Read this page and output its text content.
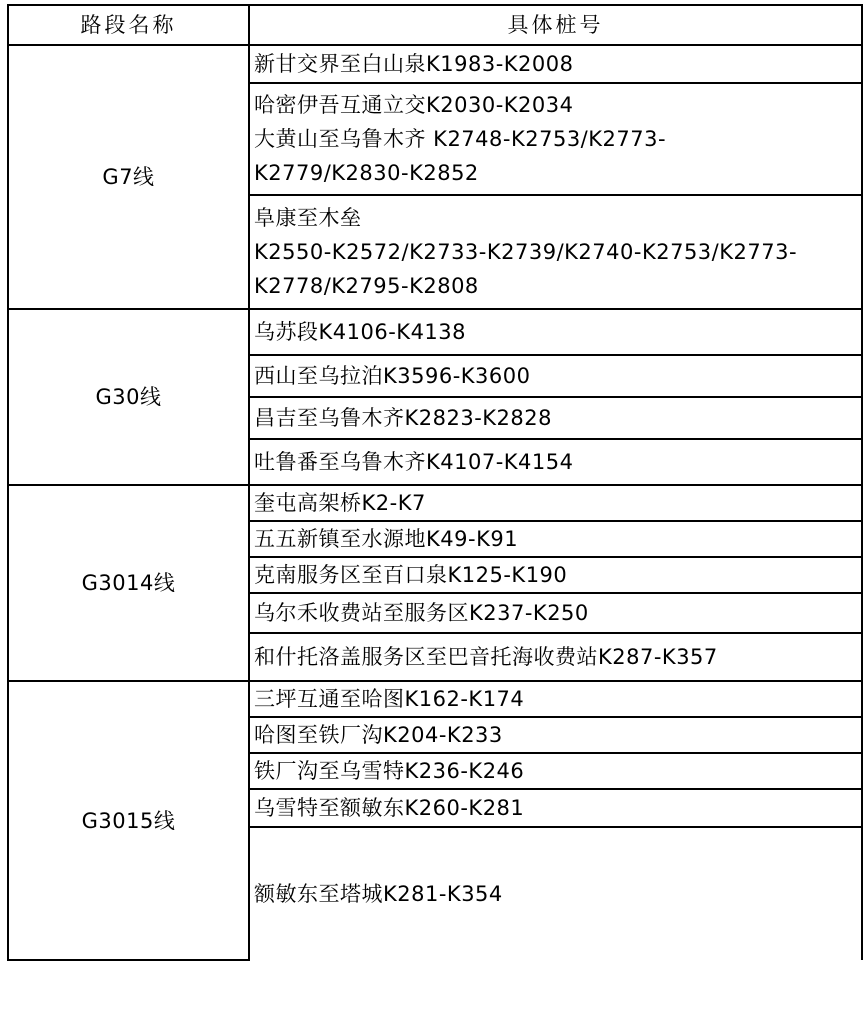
路段名称	具体桩号
G7线	新甘交界至白山泉K1983-K2008
	哈密伊吾互通立交K2030-K2034
大黄山至乌鲁木齐 K2748-K2753/K2773-
K2779/K2830-K2852
	阜康至木垒
K2550-K2572/K2733-K2739/K2740-K2753/K2773-
K2778/K2795-K2808
G30线	乌苏段K4106-K4138
	西山至乌拉泊K3596-K3600
	昌吉至乌鲁木齐K2823-K2828
	吐鲁番至乌鲁木齐K4107-K4154
G3014线	奎屯高架桥K2-K7
	五五新镇至水源地K49-K91
	克南服务区至百口泉K125-K190
	乌尔禾收费站至服务区K237-K250
	和什托洛盖服务区至巴音托海收费站K287-K357
G3015线	三坪互通至哈图K162-K174
	哈图至铁厂沟K204-K233
	铁厂沟至乌雪特K236-K246
	乌雪特至额敏东K260-K281
	额敏东至塔城K281-K354
